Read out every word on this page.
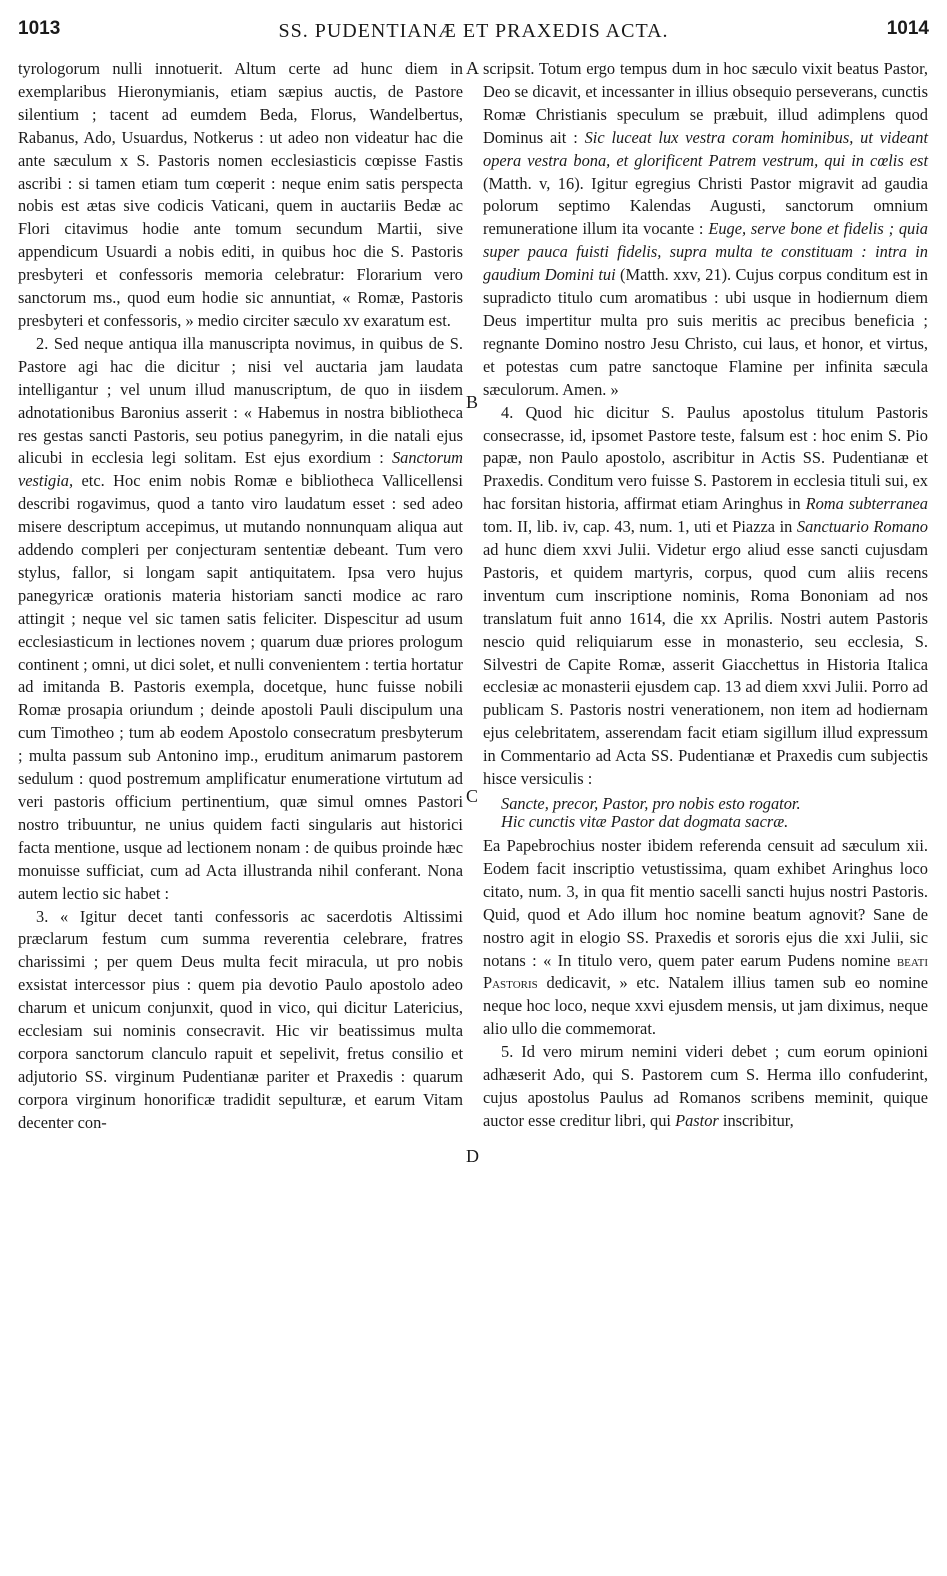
1013	SS. PUDENTIANÆ ET PRAXEDIS ACTA.	1014
A
B
C
D

tyrologorum nulli innotuerit. Altum certe ad hunc diem in exemplaribus Hieronymianis, etiam sæpius auctis, de Pastore silentium ; tacent ad eumdem Beda, Florus, Wandelbertus, Rabanus, Ado, Usuardus, Notkerus : ut adeo non videatur hac die ante sæculum x S. Pastoris nomen ecclesiasticis cœpisse Fastis ascribi : si tamen etiam tum cœperit : neque enim satis perspecta nobis est ætas sive codicis Vaticani, quem in auctariis Bedæ ac Flori citavimus hodie ante tomum secundum Martii, sive appendicum Usuardi a nobis editi, in quibus hoc die S. Pastoris presbyteri et confessoris memoria celebratur: Florarium vero sanctorum ms., quod eum hodie sic annuntiat, « Romæ, Pastoris presbyteri et confessoris, » medio circiter sæculo xv exaratum est.

2. Sed neque antiqua illa manuscripta novimus, in quibus de S. Pastore agi hac die dicitur ; nisi vel auctaria jam laudata intelligantur ; vel unum illud manuscriptum, de quo in iisdem adnotationibus Baronius asserit : « Habemus in nostra bibliotheca res gestas sancti Pastoris, seu potius panegyrim, in die natali ejus alicubi in ecclesia legi solitam. Est ejus exordium : Sanctorum vestigia, etc. Hoc enim nobis Romæ e bibliotheca Vallicellensi describi rogavimus, quod a tanto viro laudatum esset : sed adeo misere descriptum accepimus, ut mutando nonnunquam aliqua aut addendo compleri per conjecturam sententiæ debeant. Tum vero stylus, fallor, si longam sapit antiquitatem. Ipsa vero hujus panegyricæ orationis materia historiam sancti modice ac raro attingit ; neque vel sic tamen satis feliciter. Dispescitur ad usum ecclesiasticum in lectiones novem ; quarum duæ priores prologum continent ; omni, ut dici solet, et nulli convenientem : tertia hortatur ad imitanda B. Pastoris exempla, docetque, hunc fuisse nobili Romæ prosapia oriundum ; deinde apostoli Pauli discipulum una cum Timotheo ; tum ab eodem Apostolo consecratum presbyterum ; multa passum sub Antonino imp., eruditum animarum pastorem sedulum : quod postremum amplificatur enumeratione virtutum ad veri pastoris officium pertinentium, quæ simul omnes Pastori nostro tribuuntur, ne unius quidem facti singularis aut historici facta mentione, usque ad lectionem nonam : de quibus proinde hæc monuisse sufficiat, cum ad Acta illustranda nihil conferant. Nona autem lectio sic habet :

3. « Igitur decet tanti confessoris ac sacerdotis Altissimi præclarum festum cum summa reverentia celebrare, fratres charissimi ; per quem Deus multa fecit miracula, ut pro nobis exsistat intercessor pius : quem pia devotio Paulo apostolo adeo charum et unicum conjunxit, quod in vico, qui dicitur Latericius, ecclesiam sui nominis consecravit. Hic vir beatissimus multa corpora sanctorum clanculo rapuit et sepelivit, fretus consilio et adjutorio SS. virginum Pudentianæ pariter et Praxedis : quarum corpora virginum honorificæ tradidit sepulturæ, et earum Vitam decenter con-

scripsit. Totum ergo tempus dum in hoc sæculo vixit beatus Pastor, Deo se dicavit, et incessanter in illius obsequio perseverans, cunctis Romæ Christianis speculum se præbuit, illud adimplens quod Dominus ait : Sic luceat lux vestra coram hominibus, ut videant opera vestra bona, et glorificent Patrem vestrum, qui in cœlis est (Matth. v, 16). Igitur egregius Christi Pastor migravit ad gaudia polorum septimo Kalendas Augusti, sanctorum omnium remuneratione illum ita vocante : Euge, serve bone et fidelis ; quia super pauca fuisti fidelis, supra multa te constituam : intra in gaudium Domini tui (Matth. xxv, 21). Cujus corpus conditum est in supradicto titulo cum aromatibus : ubi usque in hodiernum diem Deus impertitur multa pro suis meritis ac precibus beneficia ; regnante Domino nostro Jesu Christo, cui laus, et honor, et virtus, et potestas cum patre sanctoque Flamine per infinita sæcula sæculorum. Amen. »

4. Quod hic dicitur S. Paulus apostolus titulum Pastoris consecrasse, id, ipsomet Pastore teste, falsum est : hoc enim S. Pio papæ, non Paulo apostolo, ascribitur in Actis SS. Pudentianæ et Praxedis. Conditum vero fuisse S. Pastorem in ecclesia tituli sui, ex hac forsitan historia, affirmat etiam Aringhus in Roma subterranea tom. II, lib. iv, cap. 43, num. 1, uti et Piazza in Sanctuario Romano ad hunc diem xxvi Julii. Videtur ergo aliud esse sancti cujusdam Pastoris, et quidem martyris, corpus, quod cum aliis recens inventum cum inscriptione nominis, Roma Bononiam ad nos translatum fuit anno 1614, die xx Aprilis. Nostri autem Pastoris nescio quid reliquiarum esse in monasterio, seu ecclesia, S. Silvestri de Capite Romæ, asserit Giacchettus in Historia Italica ecclesiæ ac monasterii ejusdem cap. 13 ad diem xxvi Julii. Porro ad publicam S. Pastoris nostri venerationem, non item ad hodiernam ejus celebritatem, asserendam facit etiam sigillum illud expressum in Commentario ad Acta SS. Pudentianæ et Praxedis cum subjectis hisce versiculis :

Sancte, precor, Pastor, pro nobis esto rogator.
Hic cunctis vitæ Pastor dat dogmata sacræ.

Ea Papebrochius noster ibidem referenda censuit ad sæculum xii. Eodem facit inscriptio vetustissima, quam exhibet Aringhus loco citato, num. 3, in qua fit mentio sacelli sancti hujus nostri Pastoris. Quid, quod et Ado illum hoc nomine beatum agnovit? Sane de nostro agit in elogio SS. Praxedis et sororis ejus die xxi Julii, sic notans : « In titulo vero, quem pater earum Pudens nomine beati Pastoris dedicavit, » etc. Natalem illius tamen sub eo nomine neque hoc loco, neque xxvi ejusdem mensis, ut jam diximus, neque alio ullo die commemorat.

5. Id vero mirum nemini videri debet ; cum eorum opinioni adhæserit Ado, qui S. Pastorem cum S. Herma illo confuderint, cujus apostolus Paulus ad Romanos scribens meminit, quique auctor esse creditur libri, qui Pastor inscribitur,
